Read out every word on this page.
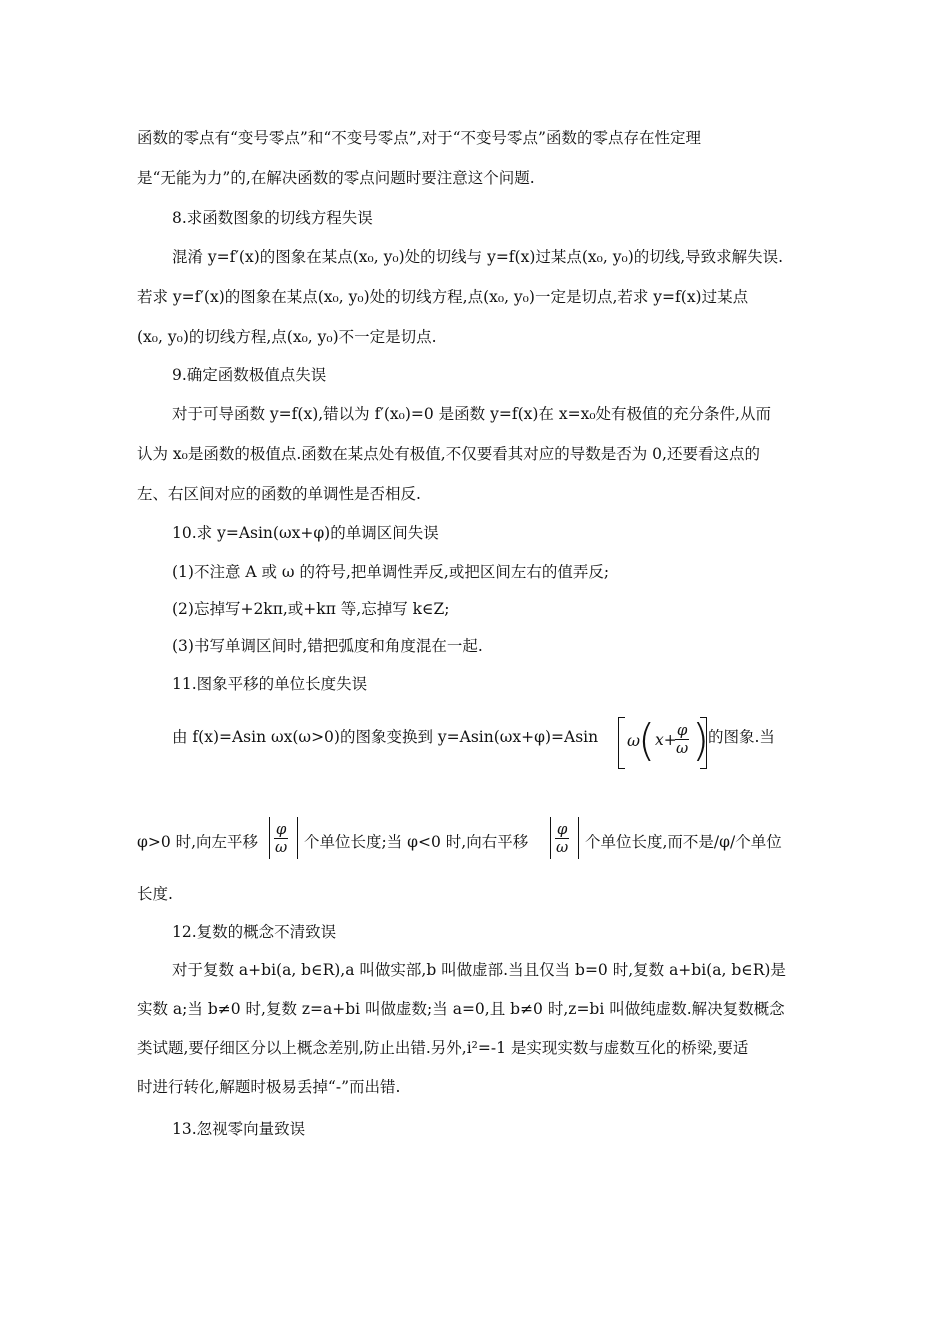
函数的零点有“变号零点”和“不变号零点”,对于“不变号零点”函数的零点存在性定理
是“无能为力”的,在解决函数的零点问题时要注意这个问题.
8.求函数图象的切线方程失误
混淆 y=f′(x)的图象在某点(x₀, y₀)处的切线与 y=f(x)过某点(x₀, y₀)的切线,导致求解失误.
若求 y=f′(x)的图象在某点(x₀, y₀)处的切线方程,点(x₀, y₀)一定是切点,若求 y=f(x)过某点
(x₀, y₀)的切线方程,点(x₀, y₀)不一定是切点.
9.确定函数极值点失误
对于可导函数 y=f(x),错以为 f′(x₀)=0 是函数 y=f(x)在 x=x₀处有极值的充分条件,从而
认为 x₀是函数的极值点.函数在某点处有极值,不仅要看其对应的导数是否为 0,还要看这点的
左、右区间对应的函数的单调性是否相反.
10.求 y=Asin(ωx+φ)的单调区间失误
(1)不注意 A 或 ω 的符号,把单调性弄反,或把区间左右的值弄反;
(2)忘掉写+2kπ,或+kπ 等,忘掉写 k∈Z;
(3)书写单调区间时,错把弧度和角度混在一起.
11.图象平移的单位长度失误
由 f(x)=Asin ωx(ω>0)的图象变换到 y=Asin(ωx+φ)=Asin ω
( x+
$\frac{\varphi}{\omega}$ )
的图象.当
φ>0 时,向左平移 $\frac{\varphi}{\omega}$ 个单位长度;当 φ<0 时,向右平移 $\frac{\varphi}{\omega}$ 个单位长度,而不是/φ/个单位
长度.
12.复数的概念不清致误
对于复数 a+bi(a, b∈R),a 叫做实部,b 叫做虚部.当且仅当 b=0 时,复数 a+bi(a, b∈R)是
实数 a;当 b≠0 时,复数 z=a+bi 叫做虚数;当 a=0,且 b≠0 时,z=bi 叫做纯虚数.解决复数概念
类试题,要仔细区分以上概念差别,防止出错.另外,i²=-1 是实现实数与虚数互化的桥梁,要适
时进行转化,解题时极易丢掉“-”而出错.
13.忽视零向量致误
